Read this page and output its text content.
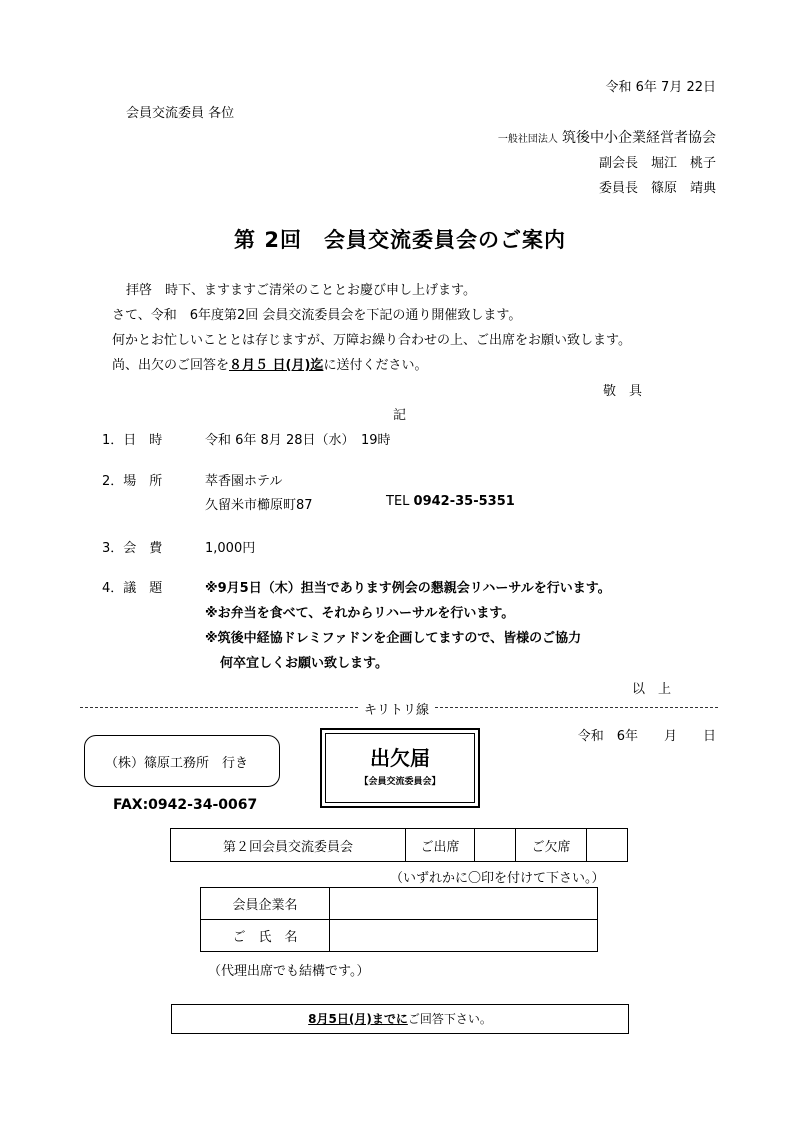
令和 6年 7月 22日
会員交流委員 各位
一般社団法人 筑後中小企業経営者協会
副会長　堀江　桃子
委員長　篠原　靖典
第 2回　会員交流委員会のご案内
拝啓　時下、ますますご清栄のこととお慶び申し上げます。
さて、令和　6年度第2回 会員交流委員会を下記の通り開催致します。
何かとお忙しいこととは存じますが、万障お繰り合わせの上、ご出席をお願い致します。
尚、出欠のご回答を８月５ 日(月)迄に送付ください。
敬　具
記
1．日　時	令和 6年 8月 28日（水）　19時
2．場　所	萃香園ホテル
久留米市櫛原町87	TEL 0942-35-5351
3．会　費	1,000円
4．議　題	※9月5日（木）担当であります例会の懇親会リハーサルを行います。
※お弁当を食べて、それからリハーサルを行います。
※筑後中経協ドレミファドンを企画してますので、皆様のご協力
何卒宜しくお願い致します。
以　上
キリトリ線
令和　6年　　月　　日
（株）篠原工務所　行き	出欠届
【会員交流委員会】
FAX:0942-34-0067
第２回会員交流委員会	ご出席		ご欠席	
（いずれかに〇印を付けて下さい。）
会員企業名	
ご　氏　名	
（代理出席でも結構です。）
8月5日(月)までにご回答下さい。
